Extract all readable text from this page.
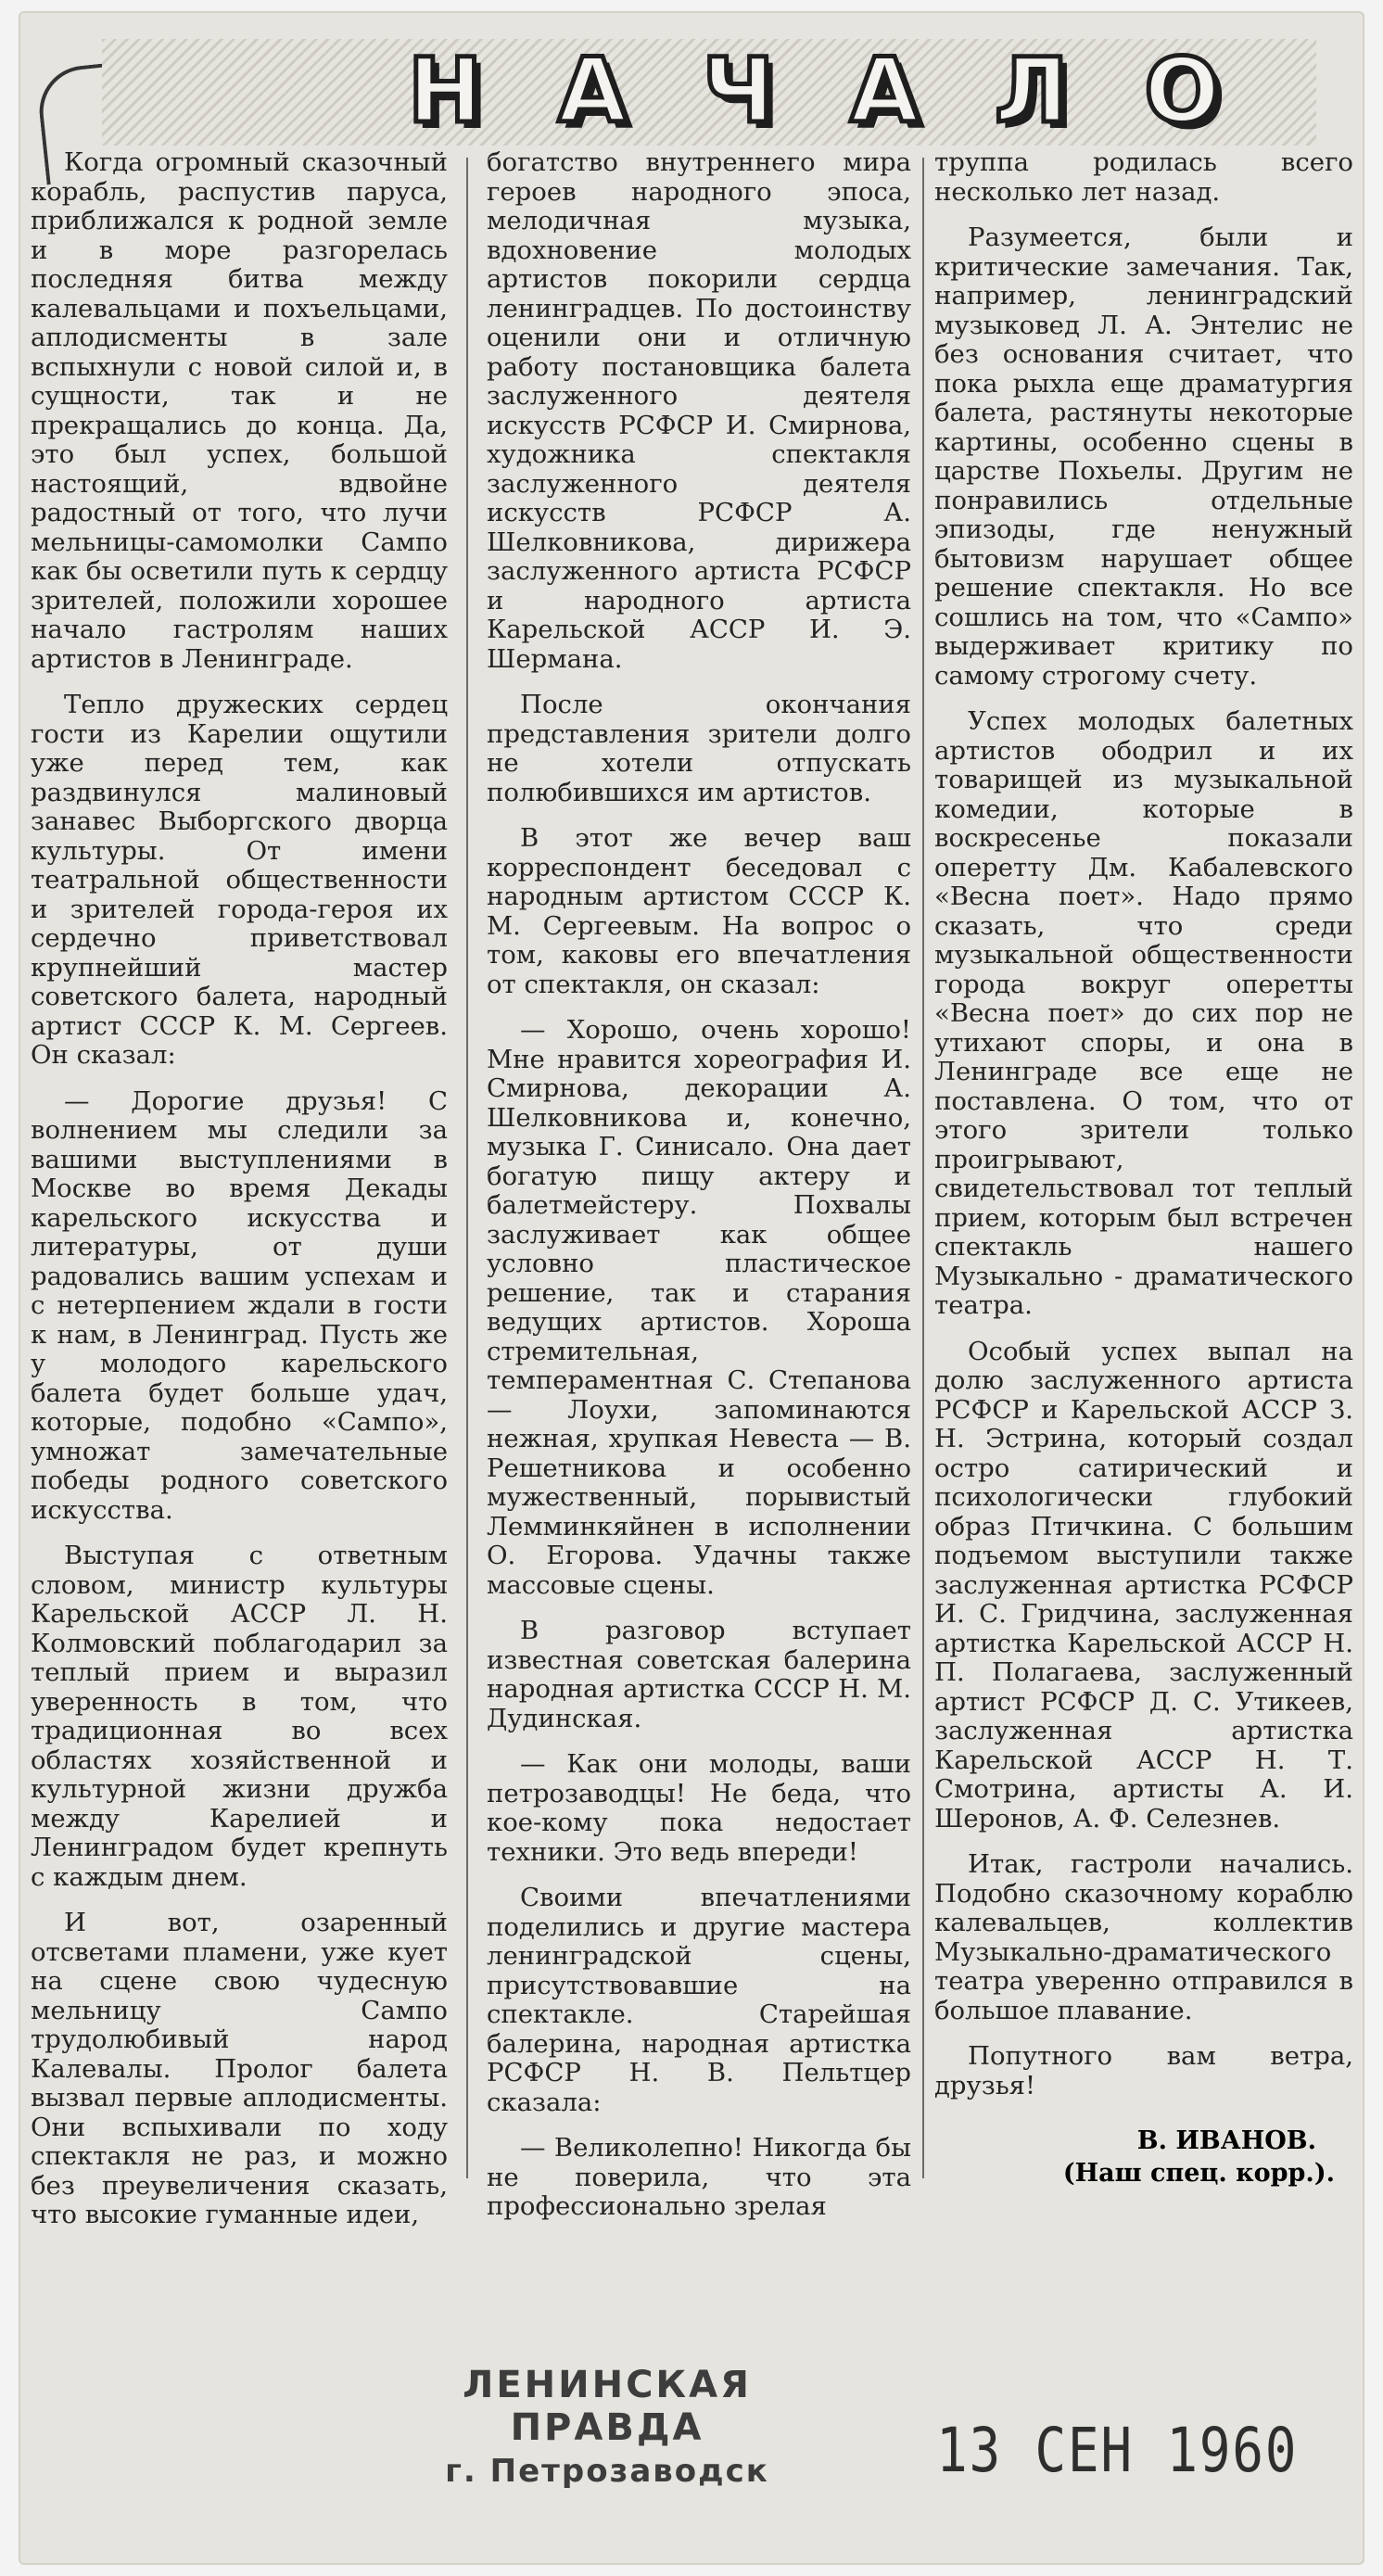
Н А Ч А Л О

Когда огромный сказочный корабль, распустив паруса, приближался к родной земле и в море разгорелась последняя битва между калевальцами и похъельцами, аплодисменты в зале вспыхнули с новой силой и, в сущности, так и не прекращались до конца. Да, это был успех, большой настоящий, вдвойне радостный от того, что лучи мельницы-самомолки Сампо как бы осветили путь к сердцу зрителей, положили хорошее начало гастролям наших артистов в Ленинграде.

Тепло дружеских сердец гости из Карелии ощутили уже перед тем, как раздвинулся малиновый занавес Выборгского дворца культуры. От имени театральной общественности и зрителей города-героя их сердечно приветствовал крупнейший мастер советского балета, народный артист СССР К. М. Сергеев. Он сказал:

— Дорогие друзья! С волнением мы следили за вашими выступлениями в Москве во время Декады карельского искусства и литературы, от души радовались вашим успехам и с нетерпением ждали в гости к нам, в Ленинград. Пусть же у молодого карельского балета будет больше удач, которые, подобно «Сампо», умножат замечательные победы родного советского искусства.

Выступая с ответным словом, министр культуры Карельской АССР Л. Н. Колмовский поблагодарил за теплый прием и выразил уверенность в том, что традиционная во всех областях хозяйственной и культурной жизни дружба между Карелией и Ленинградом будет крепнуть с каждым днем.

И вот, озаренный отсветами пламени, уже кует на сцене свою чудесную мельницу Сампо трудолюбивый народ Калевалы. Пролог балета вызвал первые аплодисменты. Они вспыхивали по ходу спектакля не раз, и можно без преувеличения сказать, что высокие гуманные идеи,

богатство внутреннего мира героев народного эпоса, мелодичная музыка, вдохновение молодых артистов покорили сердца ленинградцев. По достоинству оценили они и отличную работу постановщика балета заслуженного деятеля искусств РСФСР И. Смирнова, художника спектакля заслуженного деятеля искусств РСФСР А. Шелковникова, дирижера заслуженного артиста РСФСР и народного артиста Карельской АССР И. Э. Шермана.

После окончания представления зрители долго не хотели отпускать полюбившихся им артистов.

В этот же вечер ваш корреспондент беседовал с народным артистом СССР К. М. Сергеевым. На вопрос о том, каковы его впечатления от спектакля, он сказал:

— Хорошо, очень хорошо! Мне нравится хореография И. Смирнова, декорации А. Шелковникова и, конечно, музыка Г. Синисало. Она дает богатую пищу актеру и балетмейстеру. Похвалы заслуживает как общее условно пластическое решение, так и старания ведущих артистов. Хороша стремительная, темпераментная С. Степанова — Лоухи, запоминаются нежная, хрупкая Невеста — В. Решетникова и особенно мужественный, порывистый Лемминкяйнен в исполнении О. Егорова. Удачны также массовые сцены.

В разговор вступает известная советская балерина народная артистка СССР Н. М. Дудинская.

— Как они молоды, ваши петрозаводцы! Не беда, что кое-кому пока недостает техники. Это ведь впереди!

Своими впечатлениями поделились и другие мастера ленинградской сцены, присутствовавшие на спектакле. Старейшая балерина, народная артистка РСФСР Н. В. Пельтцер сказала:

— Великолепно! Никогда бы не поверила, что эта профессионально зрелая

труппа родилась всего несколько лет назад.

Разумеется, были и критические замечания. Так, например, ленинградский музыковед Л. А. Энтелис не без основания считает, что пока рыхла еще драматургия балета, растянуты некоторые картины, особенно сцены в царстве Похьелы. Другим не понравились отдельные эпизоды, где ненужный бытовизм нарушает общее решение спектакля. Но все сошлись на том, что «Сампо» выдерживает критику по самому строгому счету.

Успех молодых балетных артистов ободрил и их товарищей из музыкальной комедии, которые в воскресенье показали оперетту Дм. Кабалевского «Весна поет». Надо прямо сказать, что среди музыкальной общественности города вокруг оперетты «Весна поет» до сих пор не утихают споры, и она в Ленинграде все еще не поставлена. О том, что от этого зрители только проигрывают, свидетельствовал тот теплый прием, которым был встречен спектакль нашего Музыкально - драматического театра.

Особый успех выпал на долю заслуженного артиста РСФСР и Карельской АССР З. Н. Эстрина, который создал остро сатирический и психологически глубокий образ Птичкина. С большим подъемом выступили также заслуженная артистка РСФСР И. С. Гридчина, заслуженная артистка Карельской АССР Н. П. Полагаева, заслуженный артист РСФСР Д. С. Утикеев, заслуженная артистка Карельской АССР Н. Т. Смотрина, артисты А. И. Шеронов, А. Ф. Селезнев.

Итак, гастроли начались. Подобно сказочному кораблю калевальцев, коллектив Музыкально-драматического театра уверенно отправился в большое плавание.

Попутного вам ветра, друзья!

В. ИВАНОВ.
(Наш спец. корр.).
ЛЕНИНСКАЯ ПРАВДА
г. Петрозаводск	13 СЕН 1960
